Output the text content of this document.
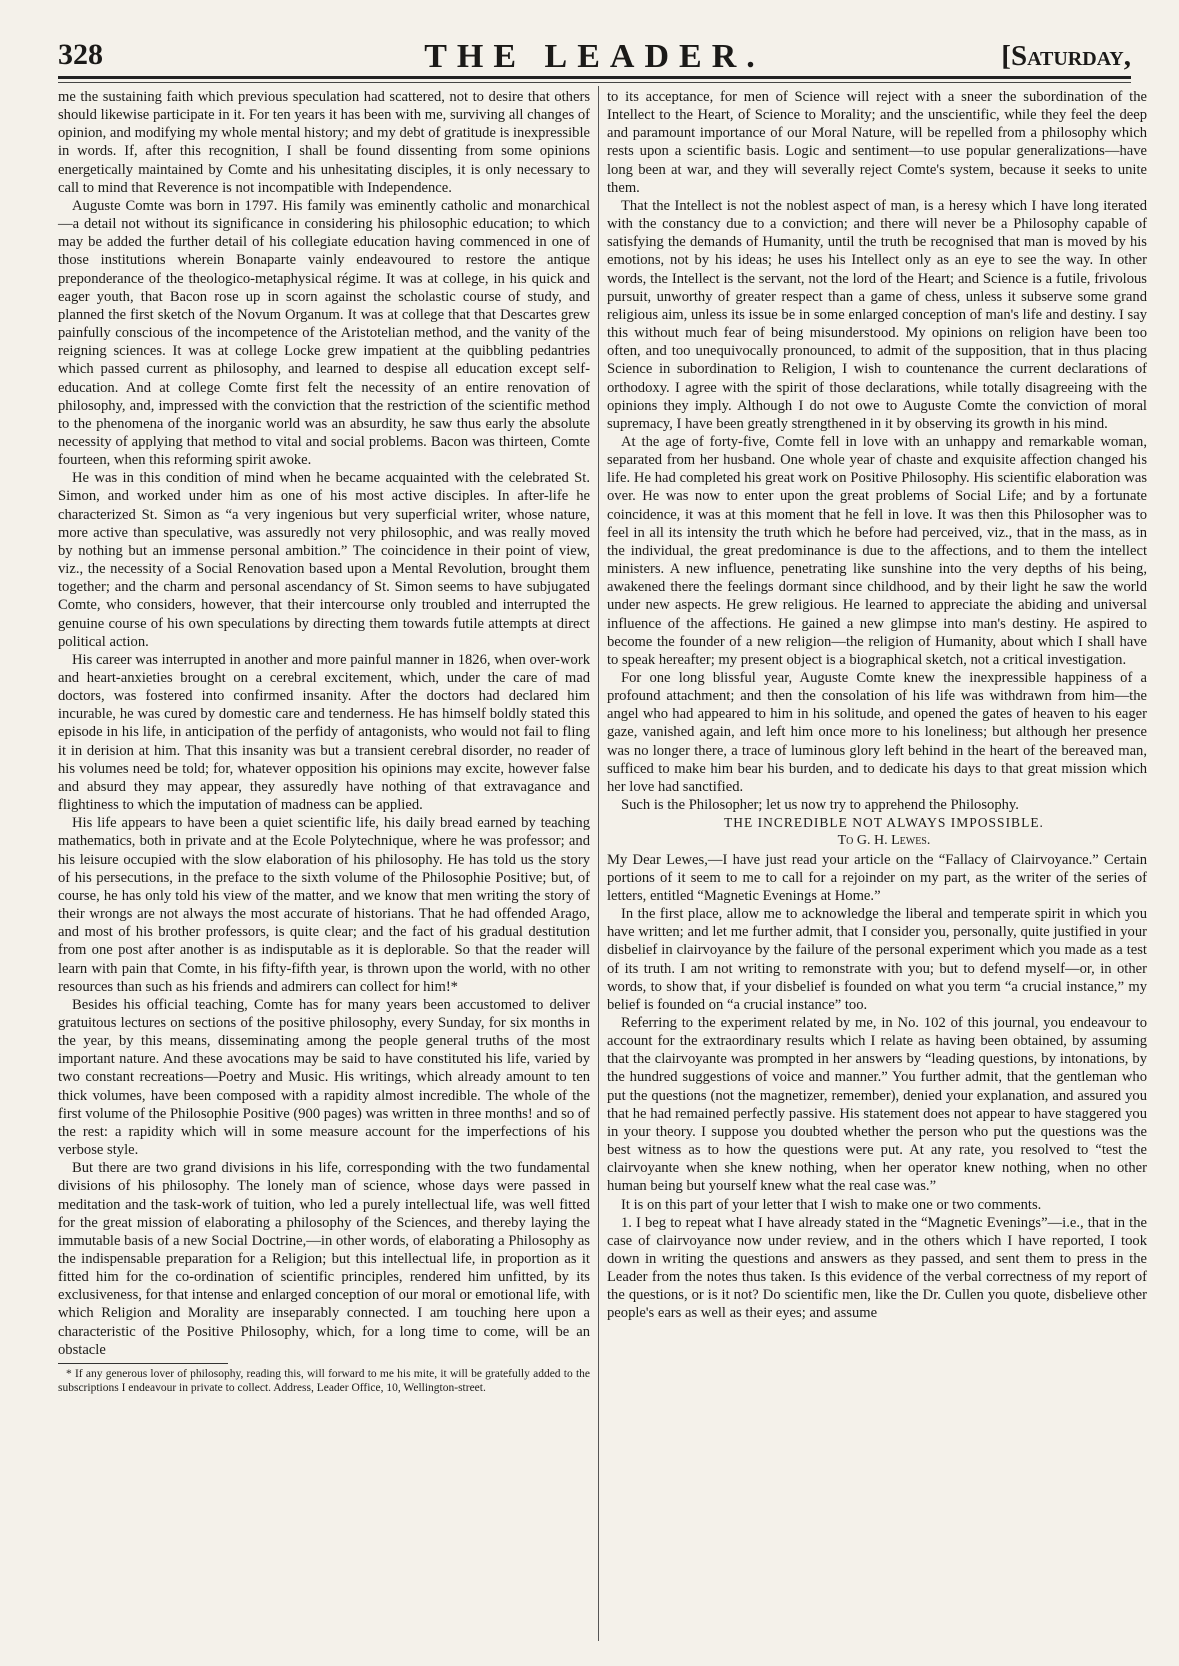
328	THE LEADER.	[Saturday,

me the sustaining faith which previous speculation had scattered, not to desire that others should likewise participate in it. For ten years it has been with me, surviving all changes of opinion, and modifying my whole mental history; and my debt of gratitude is inexpressible in words. If, after this recognition, I shall be found dissenting from some opinions energetically maintained by Comte and his unhesitating disciples, it is only necessary to call to mind that Reverence is not incompatible with Independence.

Auguste Comte was born in 1797. His family was eminently catholic and monarchical—a detail not without its significance in considering his philosophic education; to which may be added the further detail of his collegiate education having commenced in one of those institutions wherein Bonaparte vainly endeavoured to restore the antique preponderance of the theologico-metaphysical régime. It was at college, in his quick and eager youth, that Bacon rose up in scorn against the scholastic course of study, and planned the first sketch of the Novum Organum. It was at college that that Descartes grew painfully conscious of the incompetence of the Aristotelian method, and the vanity of the reigning sciences. It was at college Locke grew impatient at the quibbling pedantries which passed current as philosophy, and learned to despise all education except self-education. And at college Comte first felt the necessity of an entire renovation of philosophy, and, impressed with the conviction that the restriction of the scientific method to the phenomena of the inorganic world was an absurdity, he saw thus early the absolute necessity of applying that method to vital and social problems. Bacon was thirteen, Comte fourteen, when this reforming spirit awoke.

He was in this condition of mind when he became acquainted with the celebrated St. Simon, and worked under him as one of his most active disciples. In after-life he characterized St. Simon as “a very ingenious but very superficial writer, whose nature, more active than speculative, was assuredly not very philosophic, and was really moved by nothing but an immense personal ambition.” The coincidence in their point of view, viz., the necessity of a Social Renovation based upon a Mental Revolution, brought them together; and the charm and personal ascendancy of St. Simon seems to have subjugated Comte, who considers, however, that their intercourse only troubled and interrupted the genuine course of his own speculations by directing them towards futile attempts at direct political action.

His career was interrupted in another and more painful manner in 1826, when over-work and heart-anxieties brought on a cerebral excitement, which, under the care of mad doctors, was fostered into confirmed insanity. After the doctors had declared him incurable, he was cured by domestic care and tenderness. He has himself boldly stated this episode in his life, in anticipation of the perfidy of antagonists, who would not fail to fling it in derision at him. That this insanity was but a transient cerebral disorder, no reader of his volumes need be told; for, whatever opposition his opinions may excite, however false and absurd they may appear, they assuredly have nothing of that extravagance and flightiness to which the imputation of madness can be applied.

His life appears to have been a quiet scientific life, his daily bread earned by teaching mathematics, both in private and at the Ecole Polytechnique, where he was professor; and his leisure occupied with the slow elaboration of his philosophy. He has told us the story of his persecutions, in the preface to the sixth volume of the Philosophie Positive; but, of course, he has only told his view of the matter, and we know that men writing the story of their wrongs are not always the most accurate of historians. That he had offended Arago, and most of his brother professors, is quite clear; and the fact of his gradual destitution from one post after another is as indisputable as it is deplorable. So that the reader will learn with pain that Comte, in his fifty-fifth year, is thrown upon the world, with no other resources than such as his friends and admirers can collect for him!*

Besides his official teaching, Comte has for many years been accustomed to deliver gratuitous lectures on sections of the positive philosophy, every Sunday, for six months in the year, by this means, disseminating among the people general truths of the most important nature. And these avocations may be said to have constituted his life, varied by two constant recreations—Poetry and Music. His writings, which already amount to ten thick volumes, have been composed with a rapidity almost incredible. The whole of the first volume of the Philosophie Positive (900 pages) was written in three months! and so of the rest: a rapidity which will in some measure account for the imperfections of his verbose style.

But there are two grand divisions in his life, corresponding with the two fundamental divisions of his philosophy. The lonely man of science, whose days were passed in meditation and the task-work of tuition, who led a purely intellectual life, was well fitted for the great mission of elaborating a philosophy of the Sciences, and thereby laying the immutable basis of a new Social Doctrine,—in other words, of elaborating a Philosophy as the indispensable preparation for a Religion; but this intellectual life, in proportion as it fitted him for the co-ordination of scientific principles, rendered him unfitted, by its exclusiveness, for that intense and enlarged conception of our moral or emotional life, with which Religion and Morality are inseparably connected. I am touching here upon a characteristic of the Positive Philosophy, which, for a long time to come, will be an obstacle

* If any generous lover of philosophy, reading this, will forward to me his mite, it will be gratefully added to the subscriptions I endeavour in private to collect. Address, Leader Office, 10, Wellington-street.

to its acceptance, for men of Science will reject with a sneer the subordination of the Intellect to the Heart, of Science to Morality; and the unscientific, while they feel the deep and paramount importance of our Moral Nature, will be repelled from a philosophy which rests upon a scientific basis. Logic and sentiment—to use popular generalizations—have long been at war, and they will severally reject Comte's system, because it seeks to unite them.

That the Intellect is not the noblest aspect of man, is a heresy which I have long iterated with the constancy due to a conviction; and there will never be a Philosophy capable of satisfying the demands of Humanity, until the truth be recognised that man is moved by his emotions, not by his ideas; he uses his Intellect only as an eye to see the way. In other words, the Intellect is the servant, not the lord of the Heart; and Science is a futile, frivolous pursuit, unworthy of greater respect than a game of chess, unless it subserve some grand religious aim, unless its issue be in some enlarged conception of man's life and destiny. I say this without much fear of being misunderstood. My opinions on religion have been too often, and too unequivocally pronounced, to admit of the supposition, that in thus placing Science in subordination to Religion, I wish to countenance the current declarations of orthodoxy. I agree with the spirit of those declarations, while totally disagreeing with the opinions they imply. Although I do not owe to Auguste Comte the conviction of moral supremacy, I have been greatly strengthened in it by observing its growth in his mind.

At the age of forty-five, Comte fell in love with an unhappy and remarkable woman, separated from her husband. One whole year of chaste and exquisite affection changed his life. He had completed his great work on Positive Philosophy. His scientific elaboration was over. He was now to enter upon the great problems of Social Life; and by a fortunate coincidence, it was at this moment that he fell in love. It was then this Philosopher was to feel in all its intensity the truth which he before had perceived, viz., that in the mass, as in the individual, the great predominance is due to the affections, and to them the intellect ministers. A new influence, penetrating like sunshine into the very depths of his being, awakened there the feelings dormant since childhood, and by their light he saw the world under new aspects. He grew religious. He learned to appreciate the abiding and universal influence of the affections. He gained a new glimpse into man's destiny. He aspired to become the founder of a new religion—the religion of Humanity, about which I shall have to speak hereafter; my present object is a biographical sketch, not a critical investigation.

For one long blissful year, Auguste Comte knew the inexpressible happiness of a profound attachment; and then the consolation of his life was withdrawn from him—the angel who had appeared to him in his solitude, and opened the gates of heaven to his eager gaze, vanished again, and left him once more to his loneliness; but although her presence was no longer there, a trace of luminous glory left behind in the heart of the bereaved man, sufficed to make him bear his burden, and to dedicate his days to that great mission which her love had sanctified.

Such is the Philosopher; let us now try to apprehend the Philosophy.

THE INCREDIBLE NOT ALWAYS IMPOSSIBLE.

To G. H. Lewes.

My Dear Lewes,—I have just read your article on the “Fallacy of Clairvoyance.” Certain portions of it seem to me to call for a rejoinder on my part, as the writer of the series of letters, entitled “Magnetic Evenings at Home.”

In the first place, allow me to acknowledge the liberal and temperate spirit in which you have written; and let me further admit, that I consider you, personally, quite justified in your disbelief in clairvoyance by the failure of the personal experiment which you made as a test of its truth. I am not writing to remonstrate with you; but to defend myself—or, in other words, to show that, if your disbelief is founded on what you term “a crucial instance,” my belief is founded on “a crucial instance” too.

Referring to the experiment related by me, in No. 102 of this journal, you endeavour to account for the extraordinary results which I relate as having been obtained, by assuming that the clairvoyante was prompted in her answers by “leading questions, by intonations, by the hundred suggestions of voice and manner.” You further admit, that the gentleman who put the questions (not the magnetizer, remember), denied your explanation, and assured you that he had remained perfectly passive. His statement does not appear to have staggered you in your theory. I suppose you doubted whether the person who put the questions was the best witness as to how the questions were put. At any rate, you resolved to “test the clairvoyante when she knew nothing, when her operator knew nothing, when no other human being but yourself knew what the real case was.”

It is on this part of your letter that I wish to make one or two comments.

1. I beg to repeat what I have already stated in the “Magnetic Evenings”—i.e., that in the case of clairvoyance now under review, and in the others which I have reported, I took down in writing the questions and answers as they passed, and sent them to press in the Leader from the notes thus taken. Is this evidence of the verbal correctness of my report of the questions, or is it not? Do scientific men, like the Dr. Cullen you quote, disbelieve other people's ears as well as their eyes; and assume
